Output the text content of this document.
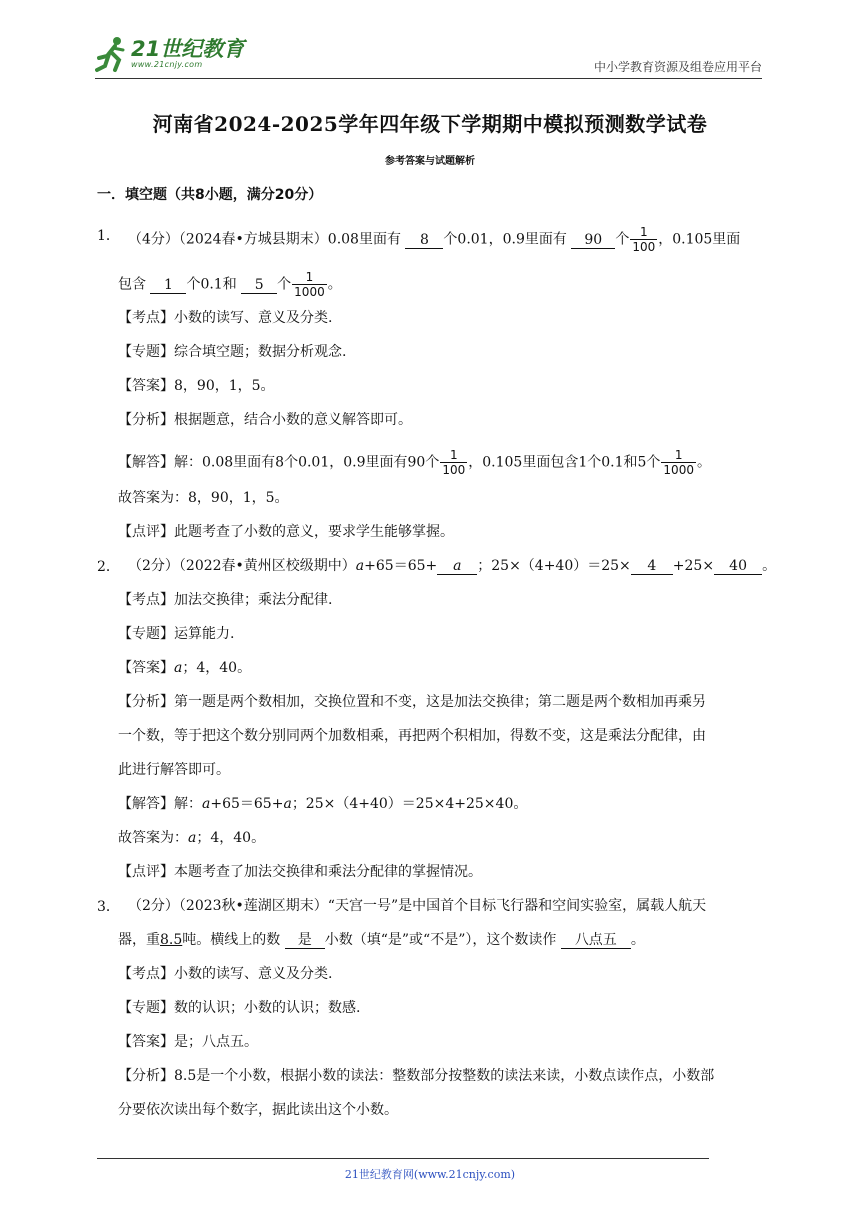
21世纪教育
www.21cnjy.com	中小学教育资源及组卷应用平台
河南省2024-2025学年四年级下学期期中模拟预测数学试卷
参考答案与试题解析
一．填空题（共8小题，满分20分）
1． （4分）（2024春•方城县期末）0.08里面有 8 个0.01，0.9里面有 90 个 $\frac{1}{100}$ ，0.105里面
包含 1 个0.1和 5 个 $\frac{1}{1000}$ 。
【考点】小数的读写、意义及分类.
【专题】综合填空题；数据分析观念.
【答案】8，90，1，5。
【分析】根据题意，结合小数的意义解答即可。
【解答】解：0.08里面有8个0.01，0.9里面有90个 $\frac{1}{100}$ ，0.105里面包含1个0.1和5个 $\frac{1}{1000}$ 。
故答案为：8，90，1，5。
【点评】此题考查了小数的意义，要求学生能够掌握。
2． （2分）（2022春•黄州区校级期中）a+65＝65+ a ；25×（4+40）＝25× 4 +25× 40 。
【考点】加法交换律；乘法分配律.
【专题】运算能力.
【答案】a；4，40。
【分析】第一题是两个数相加，交换位置和不变，这是加法交换律；第二题是两个数相加再乘另
一个数，等于把这个数分别同两个加数相乘，再把两个积相加，得数不变，这是乘法分配律，由
此进行解答即可。
【解答】解：a+65＝65+a；25×（4+40）＝25×4+25×40。
故答案为：a；4，40。
【点评】本题考查了加法交换律和乘法分配律的掌握情况。
3． （2分）（2023秋•莲湖区期末）“天宫一号”是中国首个目标飞行器和空间实验室，属载人航天
器，重8.5吨。横线上的数 是 小数（填“是”或“不是”），这个数读作 八点五 。
【考点】小数的读写、意义及分类.
【专题】数的认识；小数的认识；数感.
【答案】是；八点五。
【分析】8.5是一个小数，根据小数的读法：整数部分按整数的读法来读，小数点读作点，小数部
分要依次读出每个数字，据此读出这个小数。
21世纪教育网(www.21cnjy.com)
